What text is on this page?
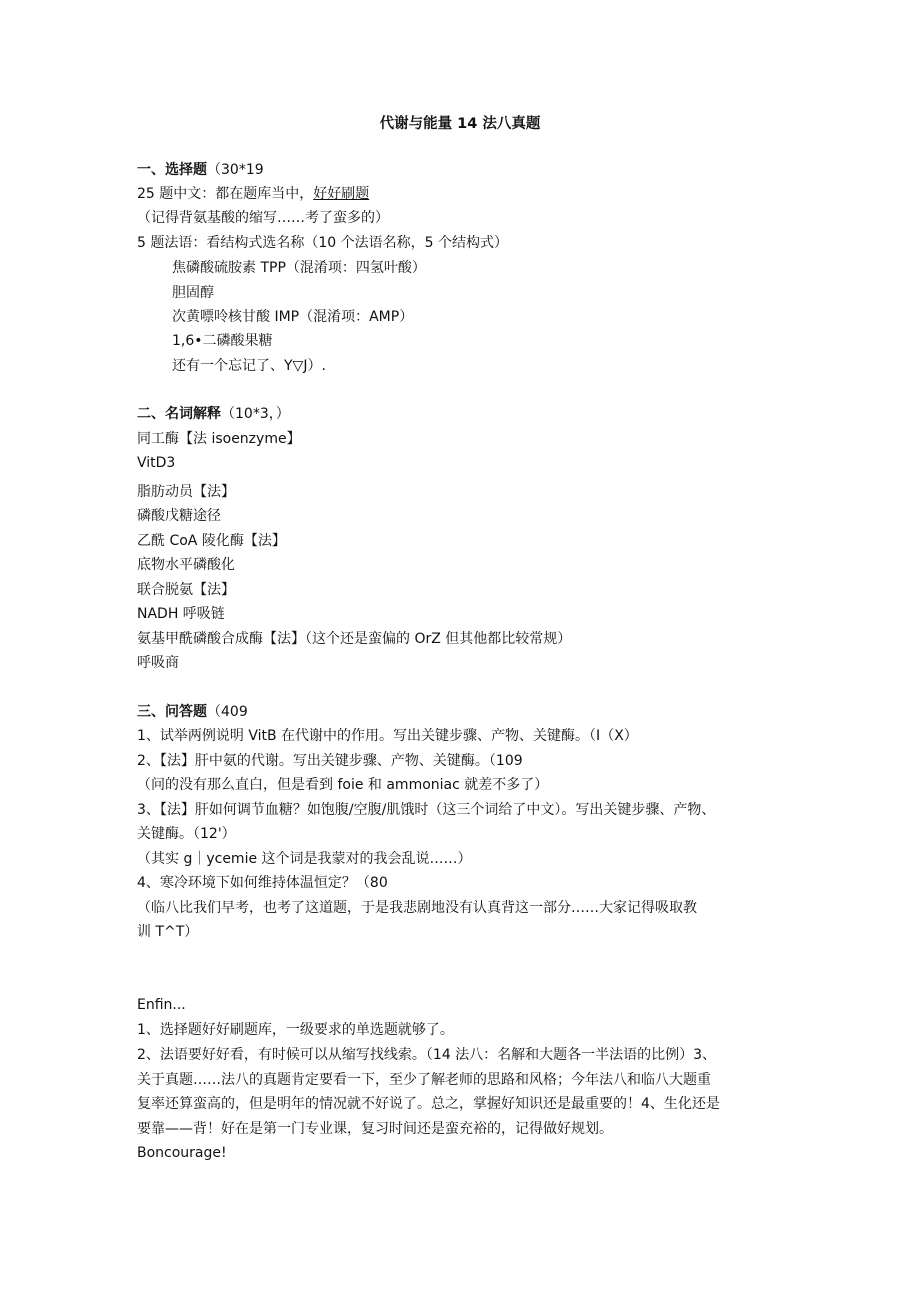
代谢与能量 14 法八真题
一、选择题（30*19
25 题中文：都在题库当中，好好刷题
（记得背氨基酸的缩写……考了蛮多的）
5 题法语：看结构式选名称（10 个法语名称，5 个结构式）
焦磷酸硫胺素 TPP（混淆项：四氢叶酸）
胆固醇
次黄嘌呤核甘酸 IMP（混淆项：AMP）
1,6•二磷酸果糖
还有一个忘记了、Y▽J）.
二、名词解释（10*3，）
同工酶【法 isoenzyme】
VitD3
脂肪动员【法】
磷酸戊糖途径
乙酰 CoA 陵化酶【法】
底物水平磷酸化
联合脱氨【法】
NADH 呼吸链
氨基甲酰磷酸合成酶【法】（这个还是蛮偏的 OrZ 但其他都比较常规）
呼吸商
三、问答题（409
1、试举两例说明 VitB 在代谢中的作用。写出关键步骤、产物、关键酶。（I（X）
2、【法】肝中氨的代谢。写出关键步骤、产物、关键酶。（109
（问的没有那么直白，但是看到 foie 和 ammoniac 就差不多了）
3、【法】肝如何调节血糖？如饱腹/空腹/肌饿时（这三个词给了中文）。写出关键步骤、产物、
关键酶。（12'）
（其实 g｜ycemie 这个词是我蒙对的我会乱说……）
4、寒冷环境下如何维持体温恒定？（80
（临八比我们早考，也考了这道题，于是我悲剧地没有认真背这一部分……大家记得吸取教
训 T^T）
Enfin...
1、选择题好好刷题库，一级要求的单选题就够了。
2、法语要好好看，有时候可以从缩写找线索。（14 法八：名解和大题各一半法语的比例）3、
关于真题……法八的真题肯定要看一下，至少了解老师的思路和风格；今年法八和临八大题重
复率还算蛮高的，但是明年的情况就不好说了。总之，掌握好知识还是最重要的！4、生化还是
要靠——背！好在是第一门专业课，复习时间还是蛮充裕的，记得做好规划。
Boncourage!
